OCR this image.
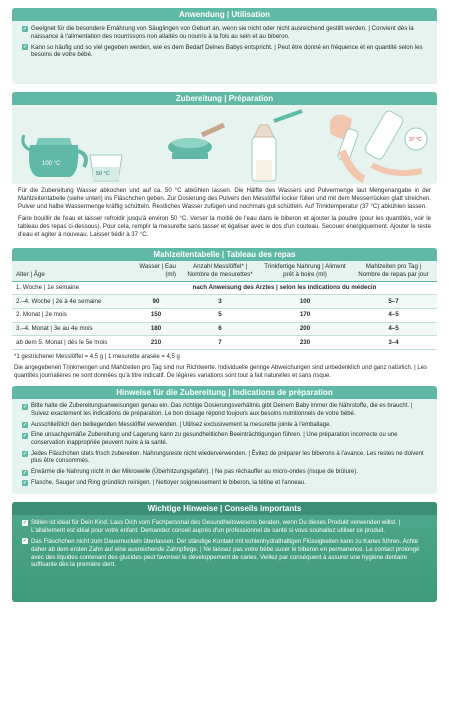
Anwendung | Utilisation
✓ Geeignet für die besondere Ernährung von Säuglingen von Geburt an, wenn sie nicht oder nicht ausreichend gestillt werden. | Convient dès la naissance à l'alimentation des nourrissons non allaités ou nourris à la fois au sein et au biberon.
✓ Kann so häufig und so viel gegeben werden, wie es dem Bedarf Deines Babys entspricht. | Peut être donné en fréquence et en quantité selon les besoins de votre bébé.
Zubereitung | Préparation
100 °C
50 °C
37 °C

Für die Zubereitung Wasser abkochen und auf ca. 50 °C abkühlen lassen. Die Hälfte des Wassers und Pulvermenge laut Mengenangabe in der Mahlzeitentabelle (siehe unten) ins Fläschchen geben. Zur Dosierung des Pulvers den Messlöffel locker füllen und mit dem Messerrücken glatt streichen. Pulver und halbe Wassermenge kräftig schütteln. Restliches Wasser zufügen und nochmals gut schütteln. Auf Trinktemperatur (37 °C) abkühlen lassen.

Faire bouillir de l'eau et laisser refroidir jusqu'à environ 50 °C. Verser la moitié de l'eau dans le biberon et ajouter la poudre (pour les quantités, voir le tableau des repas ci-dessous). Pour cela, remplir la mesurette sans tasser et égaliser avec le dos d'un couteau. Secouer énergiquement. Ajouter le reste d'eau et agiter à nouveau. Laisser tiédir à 37 °C.

Mahlzeitentabelle | Tableau des repas
Alter | Âge	Wasser | Eau (ml)	Anzahl Messlöffel* | Nombre de mesurettes*	Trinkfertige Nahrung | Aliment prêt à boire (ml)	Mahlzeiten pro Tag | Nombre de repas par jour
1. Woche | 1e semaine	nach Anweisung des Arztes | selon les indications du médecin			
2.–4. Woche | 2e à 4e semaine	90	3	100	5–7
2. Monat | 2e mois	150	5	170	4–5
3.–4. Monat | 3e au 4e mois	180	6	200	4–5
ab dem 5. Monat | dès le 5e mois	210	7	230	3–4

*1 gestrichener Messlöffel = 4,5 g | 1 mesurette arasée = 4,5 g

Die angegebenen Trinkmengen und Mahlzeiten pro Tag sind nur Richtwerte. Individuelle geringe Abweichungen sind unbedenklich und ganz natürlich. | Les quantités journalières ne sont données qu'à titre indicatif. De légères variations sont tout à fait naturelles et sans risque.

Hinweise für die Zubereitung | Indications de préparation
✓ Bitte halte die Zubereitungsanweisungen genau ein. Das richtige Dosierungsverhältnis gibt Deinem Baby immer die Nährstoffe, die es braucht. | Suivez exactement les indications de préparation. Le bon dosage répond toujours aux besoins nutritionnels de votre bébé.
✓ Ausschließlich den beiliegenden Messlöffel verwenden. | Utilisez exclusivement la mesurette jointe à l'emballage.
✓ Eine unsachgemäße Zubereitung und Lagerung kann zu gesundheitlichen Beeinträchtigungen führen. | Une préparation incorrecte ou une conservation inappropriée peuvent nuire à la santé.
✓ Jedes Fläschchen stets frisch zubereiten. Nahrungsreste nicht wiederverwenden. | Évitez de préparer les biberons à l'avance. Les restes ne doivent plus être consommés.
✓ Erwärme die Nahrung nicht in der Mikrowelle (Überhitzungsgefahr). | Ne pas réchauffer au micro-ondes (risque de brûlure).
✓ Flasche, Sauger und Ring gründlich reinigen. | Nettoyer soigneusement le biberon, la tétine et l'anneau.
Wichtige Hinweise | Conseils importants
✓ Stillen ist ideal für Dein Kind. Lass Dich vom Fachpersonal des Gesundheitswesens beraten, wenn Du dieses Produkt verwenden willst. | L'allaitement est idéal pour votre enfant. Demandez conseil auprès d'un professionnel de santé si vous souhaitez utiliser ce produit.
✓ Das Fläschchen nicht zum Dauernuckeln überlassen. Der ständige Kontakt mit kohlenhydrathaltigen Flüssigkeiten kann zu Karies führen. Achte daher ab dem ersten Zahn auf eine ausreichende Zahnpflege. | Ne laissez pas votre bébé sucer le biberon en permanence. Le contact prolongé avec des liquides contenant des glucides peut favoriser le développement de caries. Veillez par conséquent à assurer une hygiène dentaire suffisante dès la première dent.
